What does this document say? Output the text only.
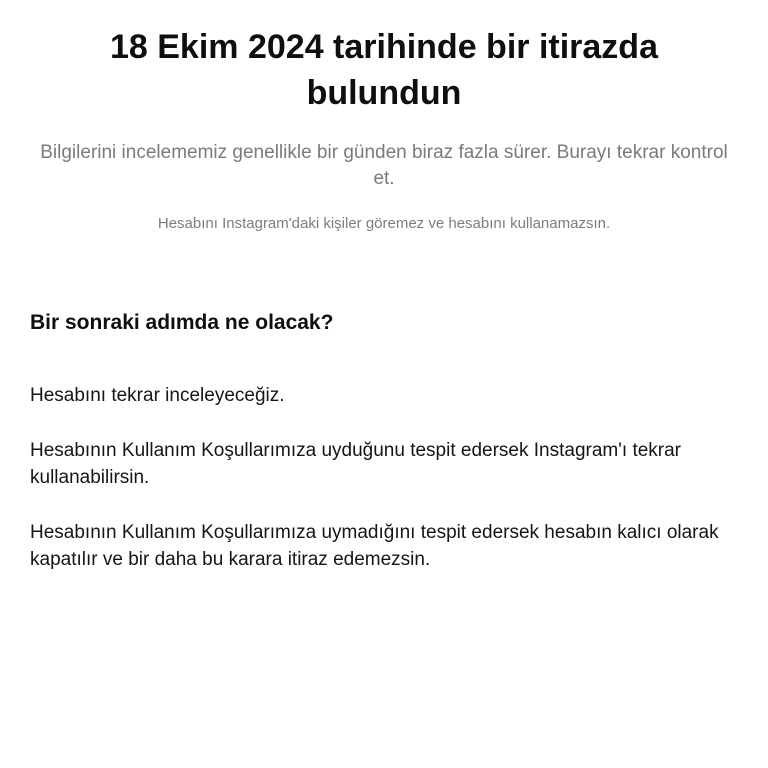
18 Ekim 2024 tarihinde bir itirazda bulundun

Bilgilerini incelememiz genellikle bir günden biraz fazla sürer. Burayı tekrar kontrol et.

Hesabını Instagram'daki kişiler göremez ve hesabını kullanamazsın.

Bir sonraki adımda ne olacak?

Hesabını tekrar inceleyeceğiz.

Hesabının Kullanım Koşullarımıza uyduğunu tespit edersek Instagram'ı tekrar kullanabilirsin.

Hesabının Kullanım Koşullarımıza uymadığını tespit edersek hesabın kalıcı olarak kapatılır ve bir daha bu karara itiraz edemezsin.
